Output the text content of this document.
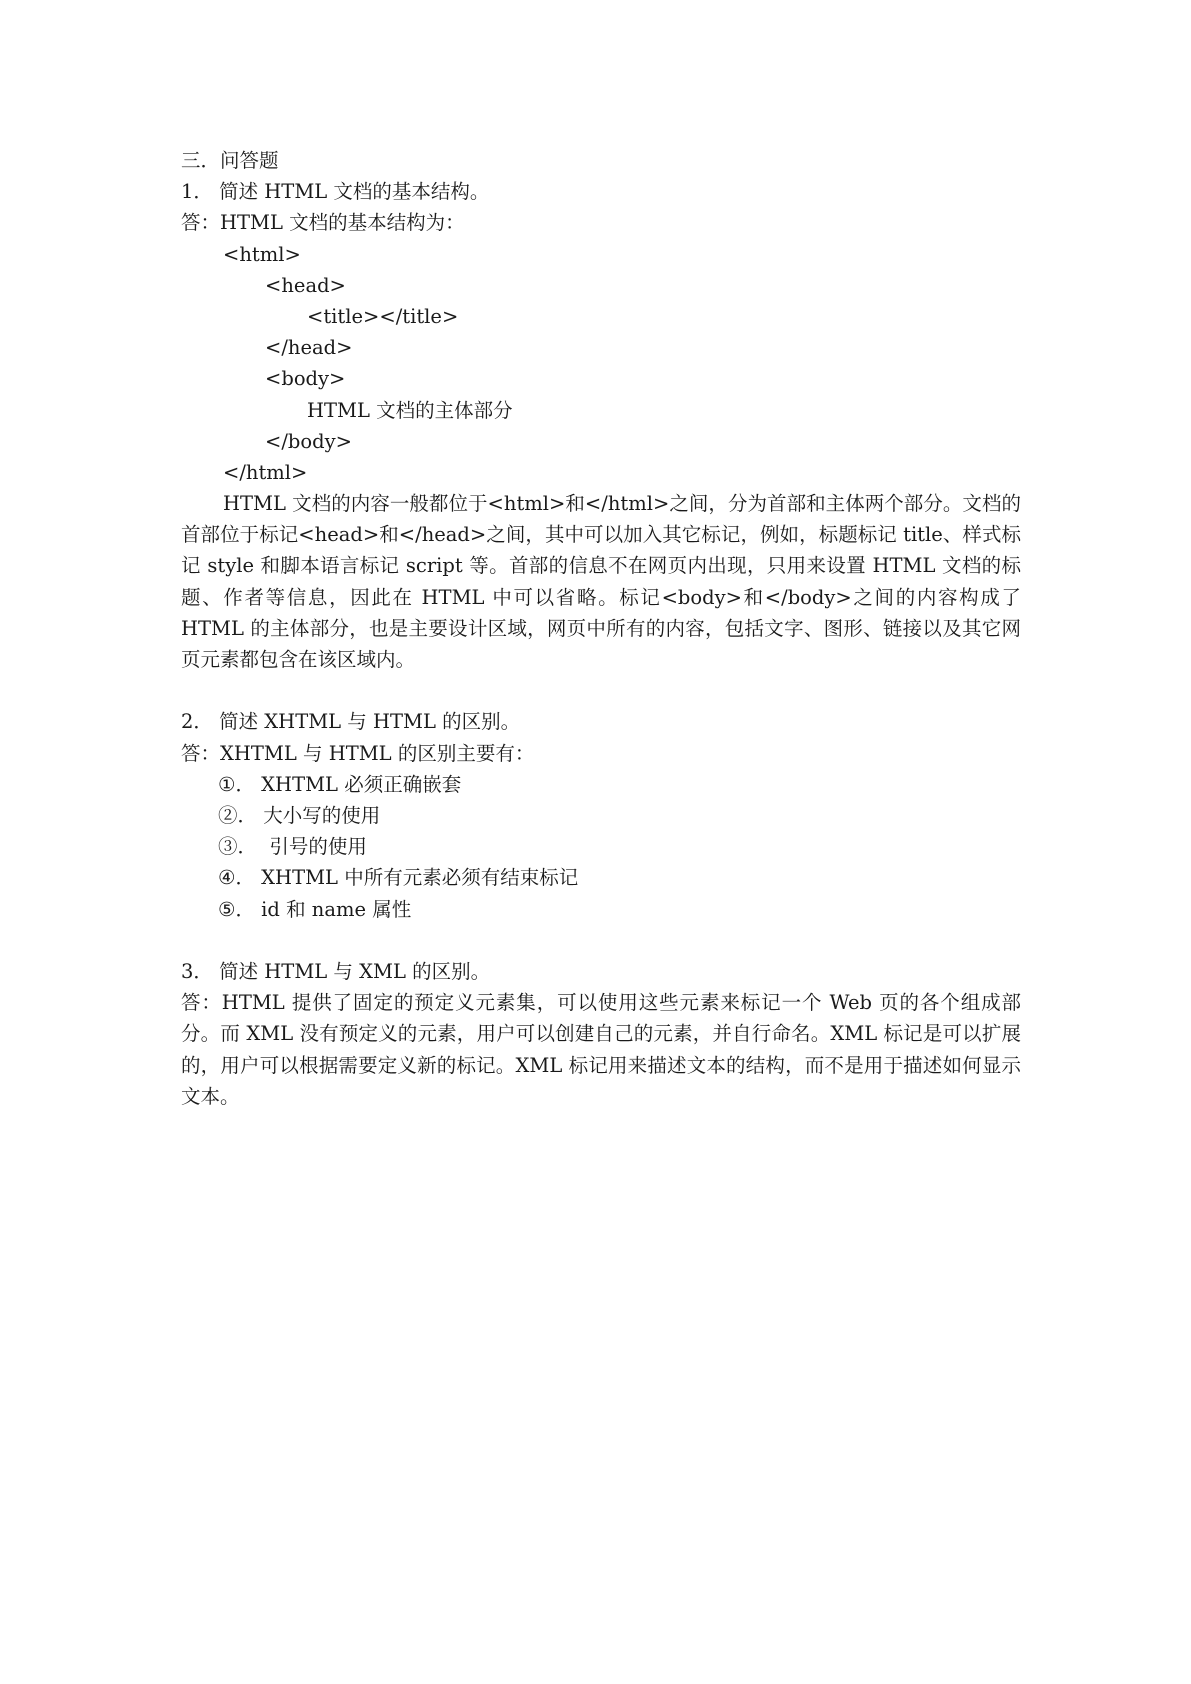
三．问答题
1． 简述 HTML 文档的基本结构。
答：HTML 文档的基本结构为：
<html>
<head>
<title></title>
</head>
<body>
HTML 文档的主体部分
</body>
</html>
HTML 文档的内容一般都位于<html>和</html>之间，分为首部和主体两个部分。文档的首部位于标记<head>和</head>之间，其中可以加入其它标记，例如，标题标记 title、样式标记 style 和脚本语言标记 script 等。首部的信息不在网页内出现，只用来设置 HTML 文档的标题、作者等信息，因此在 HTML 中可以省略。标记<body>和</body>之间的内容构成了 HTML 的主体部分，也是主要设计区域，网页中所有的内容，包括文字、图形、链接以及其它网页元素都包含在该区域内。
2． 简述 XHTML 与 HTML 的区别。
答：XHTML 与 HTML 的区别主要有：
①． XHTML 必须正确嵌套
②． 大小写的使用
③．  引号的使用
④． XHTML 中所有元素必须有结束标记
⑤． id 和 name 属性
3． 简述 HTML 与 XML 的区别。
答：HTML 提供了固定的预定义元素集，可以使用这些元素来标记一个 Web 页的各个组成部分。而 XML 没有预定义的元素，用户可以创建自己的元素，并自行命名。XML 标记是可以扩展的，用户可以根据需要定义新的标记。XML 标记用来描述文本的结构，而不是用于描述如何显示文本。
